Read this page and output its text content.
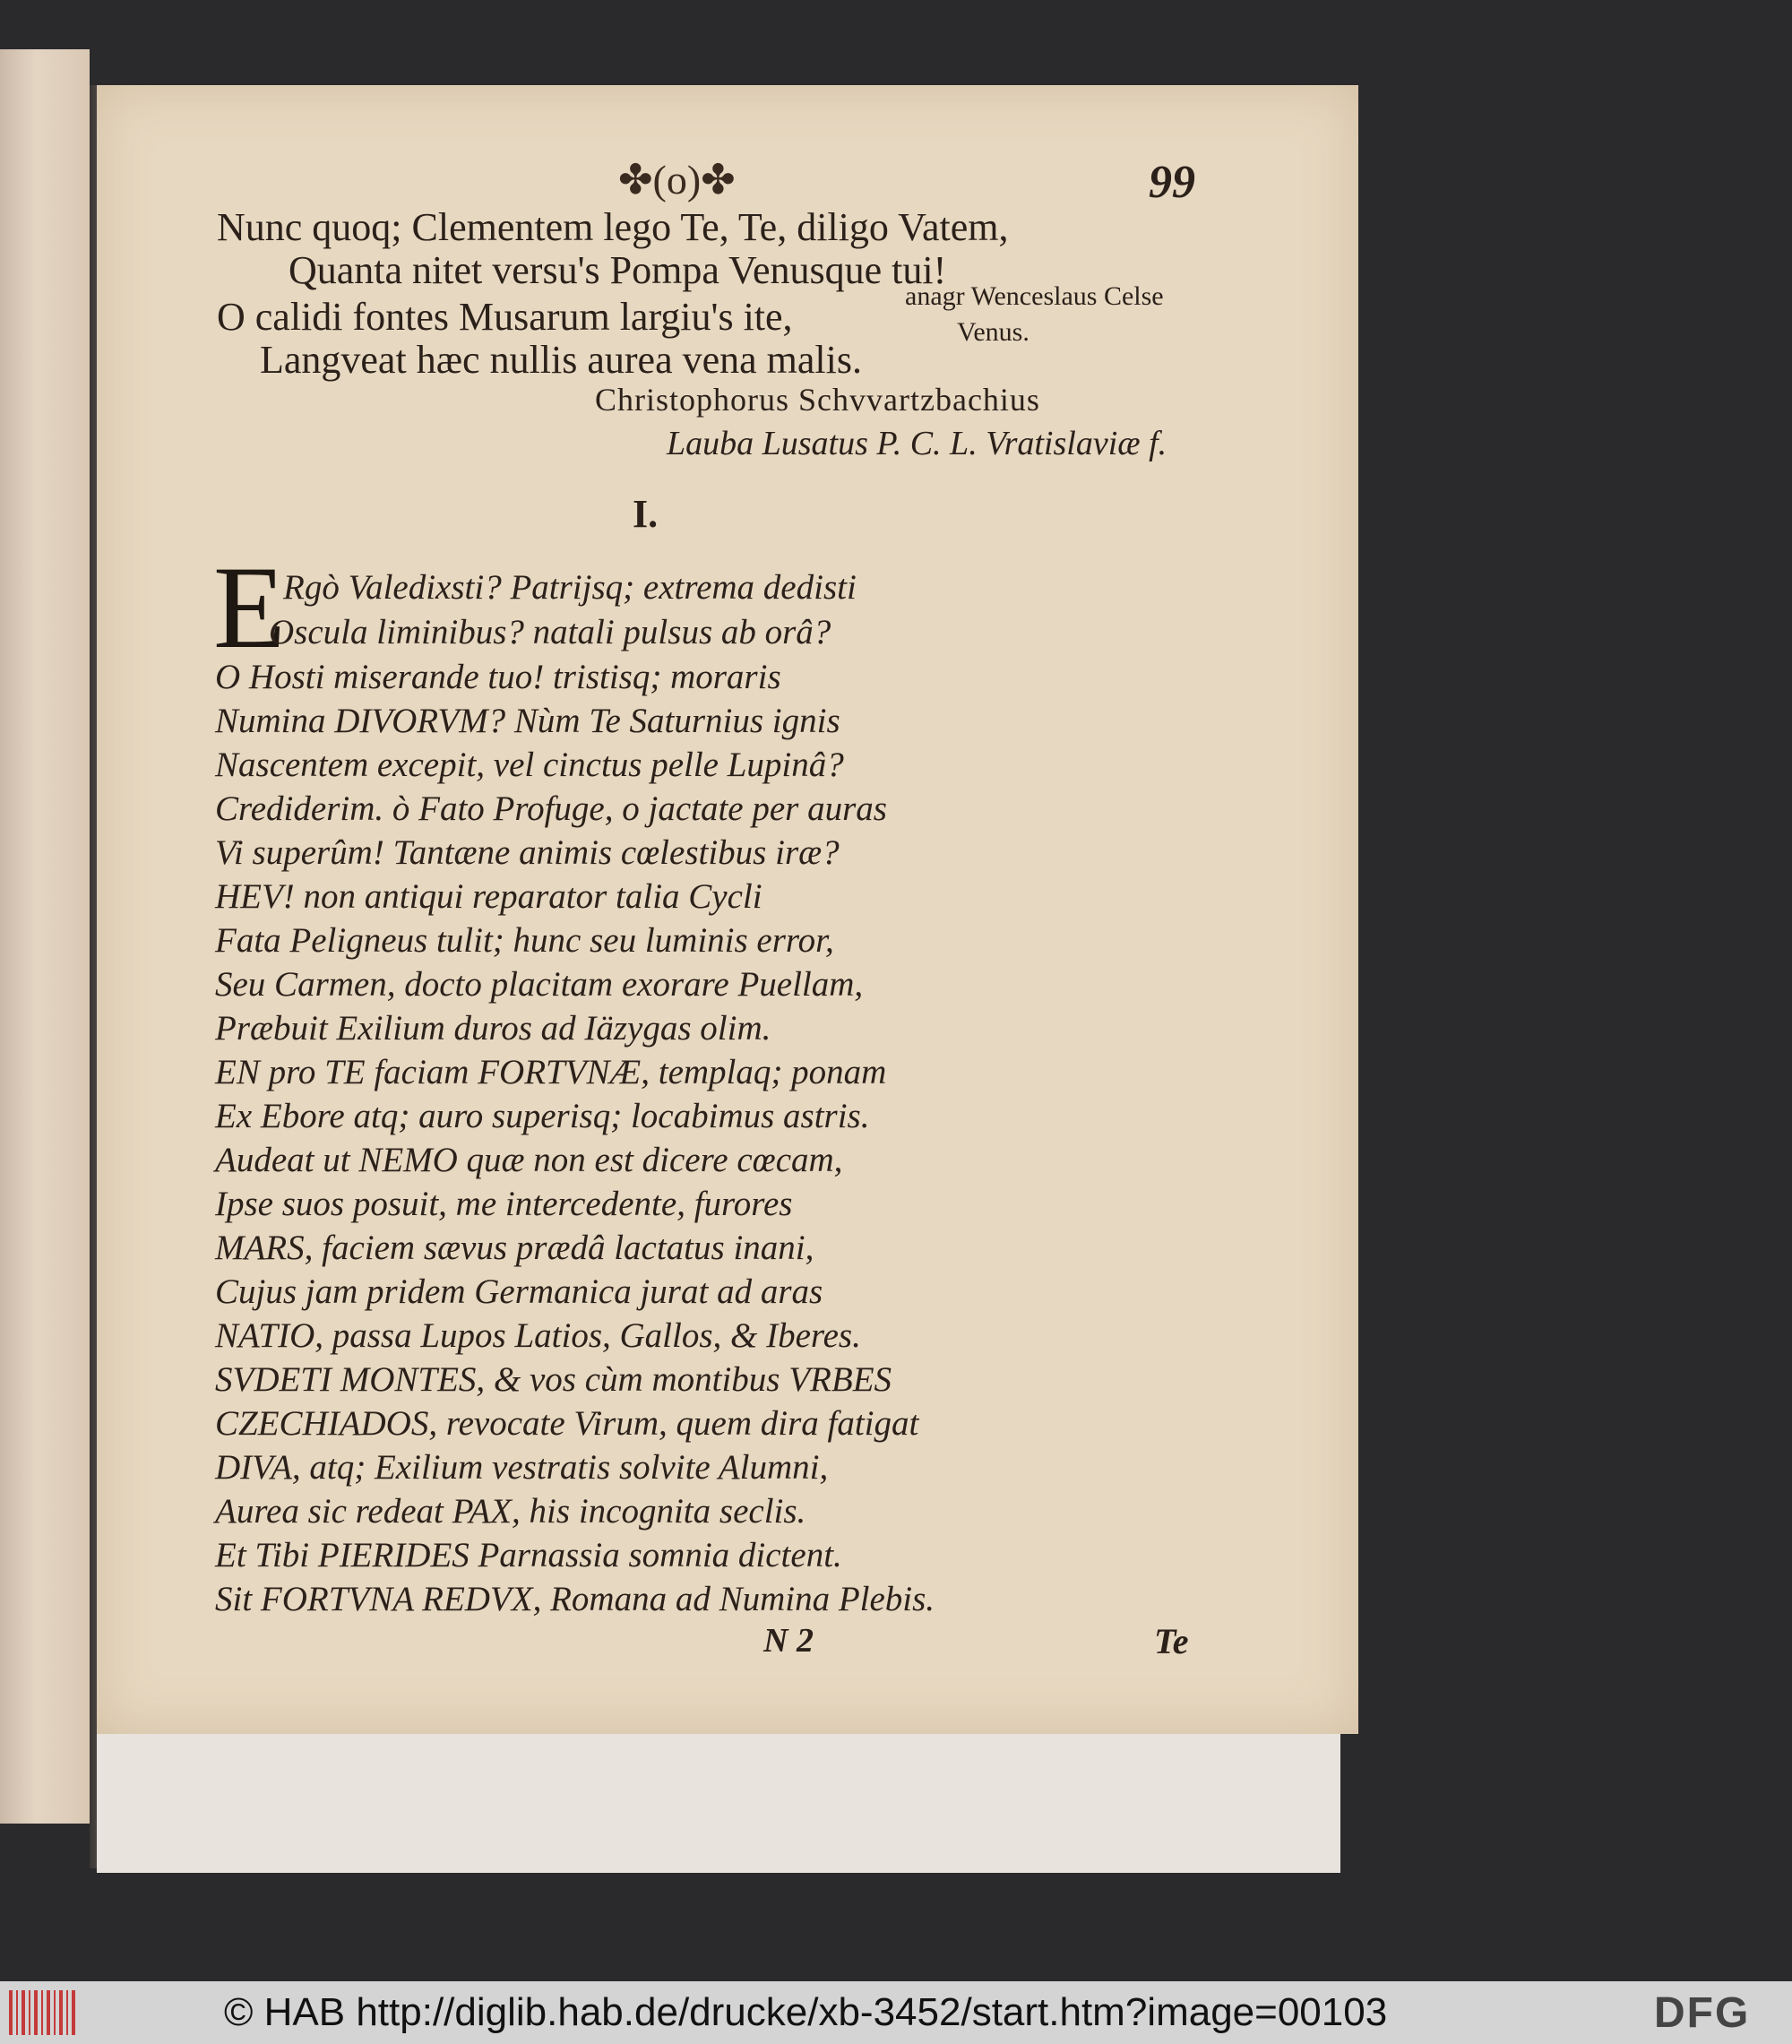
✤(o)✤	99
Nunc quoq; Clementem lego Te, Te, diligo Vatem,
Quanta nitet versu's Pompa Venusque tui!
O calidi fontes Musarum largiu's ite,
Langveat hæc nullis aurea vena malis.
anagr Wenceslaus Celse
Venus.
Christophorus Schvvartzbachius
Lauba Lusatus P. C. L. Vratislaviæ f.
I.
E
Rgò Valedixsti? Patrijsq; extrema dedisti
Oscula liminibus? natali pulsus ab orâ?
O Hosti miserande tuo! tristisq; moraris
Numina DIVORVM? Nùm Te Saturnius ignis
Nascentem excepit, vel cinctus pelle Lupinâ?
Crediderim. ò Fato Profuge, o jactate per auras
Vi superûm! Tantæne animis cœlestibus iræ?
HEV! non antiqui reparator talia Cycli
Fata Peligneus tulit; hunc seu luminis error,
Seu Carmen, docto placitam exorare Puellam,
Præbuit Exilium duros ad Iäzygas olim.
EN pro TE faciam FORTVNÆ, templaq; ponam
Ex Ebore atq; auro superisq; locabimus astris.
Audeat ut NEMO quæ non est dicere cœcam,
Ipse suos posuit, me intercedente, furores
MARS, faciem sævus prædâ lactatus inani,
Cujus jam pridem Germanica jurat ad aras
NATIO, passa Lupos Latios, Gallos, & Iberes.
SVDETI MONTES, & vos cùm montibus VRBES
CZECHIADOS, revocate Virum, quem dira fatigat
DIVA, atq; Exilium vestratis solvite Alumni,
Aurea sic redeat PAX, his incognita seclis.
Et Tibi PIERIDES Parnassia somnia dictent.
Sit FORTVNA REDVX, Romana ad Numina Plebis.
N 2	Te
© HAB http://diglib.hab.de/drucke/xb-3452/start.htm?image=00103	DFG
